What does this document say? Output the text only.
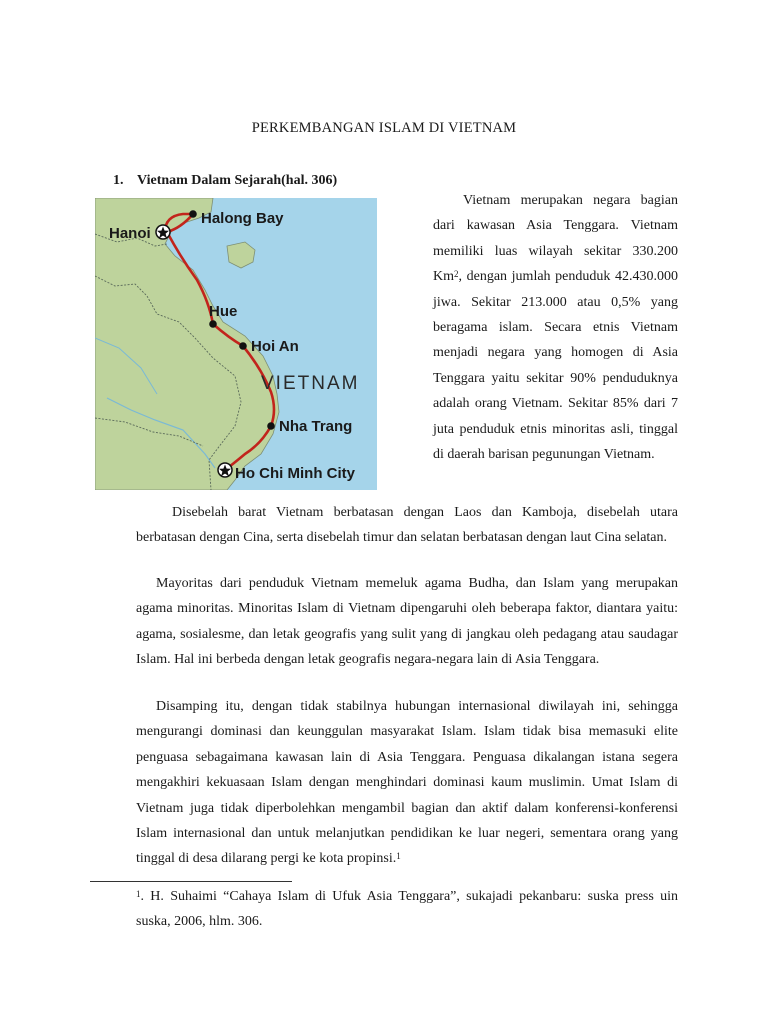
PERKEMBANGAN ISLAM DI VIETNAM
1. Vietnam Dalam Sejarah(hal. 306)
Hanoi
Halong Bay
Hue
Hoi An
Nha Trang
Ho Chi Minh City
VIETNAM
Vietnam merupakan negara bagian dari kawasan Asia Tenggara. Vietnam memiliki luas wilayah sekitar 330.200 Km$^2$, dengan jumlah penduduk 42.430.000 jiwa. Sekitar 213.000 atau 0,5% yang beragama islam. Secara etnis Vietnam menjadi negara yang homogen di Asia Tenggara yaitu sekitar 90% penduduknya adalah orang Vietnam. Sekitar 85% dari 7 juta penduduk etnis minoritas asli, tinggal di daerah barisan pegunungan Vietnam.
Disebelah barat Vietnam berbatasan dengan Laos dan Kamboja, disebelah utara berbatasan dengan Cina, serta disebelah timur dan selatan berbatasan dengan laut Cina selatan.
Mayoritas dari penduduk Vietnam memeluk agama Budha, dan Islam yang merupakan agama minoritas. Minoritas Islam di Vietnam dipengaruhi oleh beberapa faktor, diantara yaitu: agama, sosialesme, dan letak geografis yang sulit yang di jangkau oleh pedagang atau saudagar Islam. Hal ini berbeda dengan letak geografis negara-negara lain di Asia Tenggara.
Disamping itu, dengan tidak stabilnya hubungan internasional diwilayah ini, sehingga mengurangi dominasi dan keunggulan masyarakat Islam. Islam tidak bisa memasuki elite penguasa sebagaimana kawasan lain di Asia Tenggara. Penguasa dikalangan istana segera mengakhiri kekuasaan Islam dengan menghindari dominasi kaum muslimin. Umat Islam di Vietnam juga tidak diperbolehkan mengambil bagian dan aktif dalam konferensi-konferensi Islam internasional dan untuk melanjutkan pendidikan ke luar negeri, sementara orang yang tinggal di desa dilarang pergi ke kota propinsi.$^1$
$^1$. H. Suhaimi “Cahaya Islam di Ufuk Asia Tenggara”, sukajadi pekanbaru: suska press uin suska, 2006, hlm. 306.
